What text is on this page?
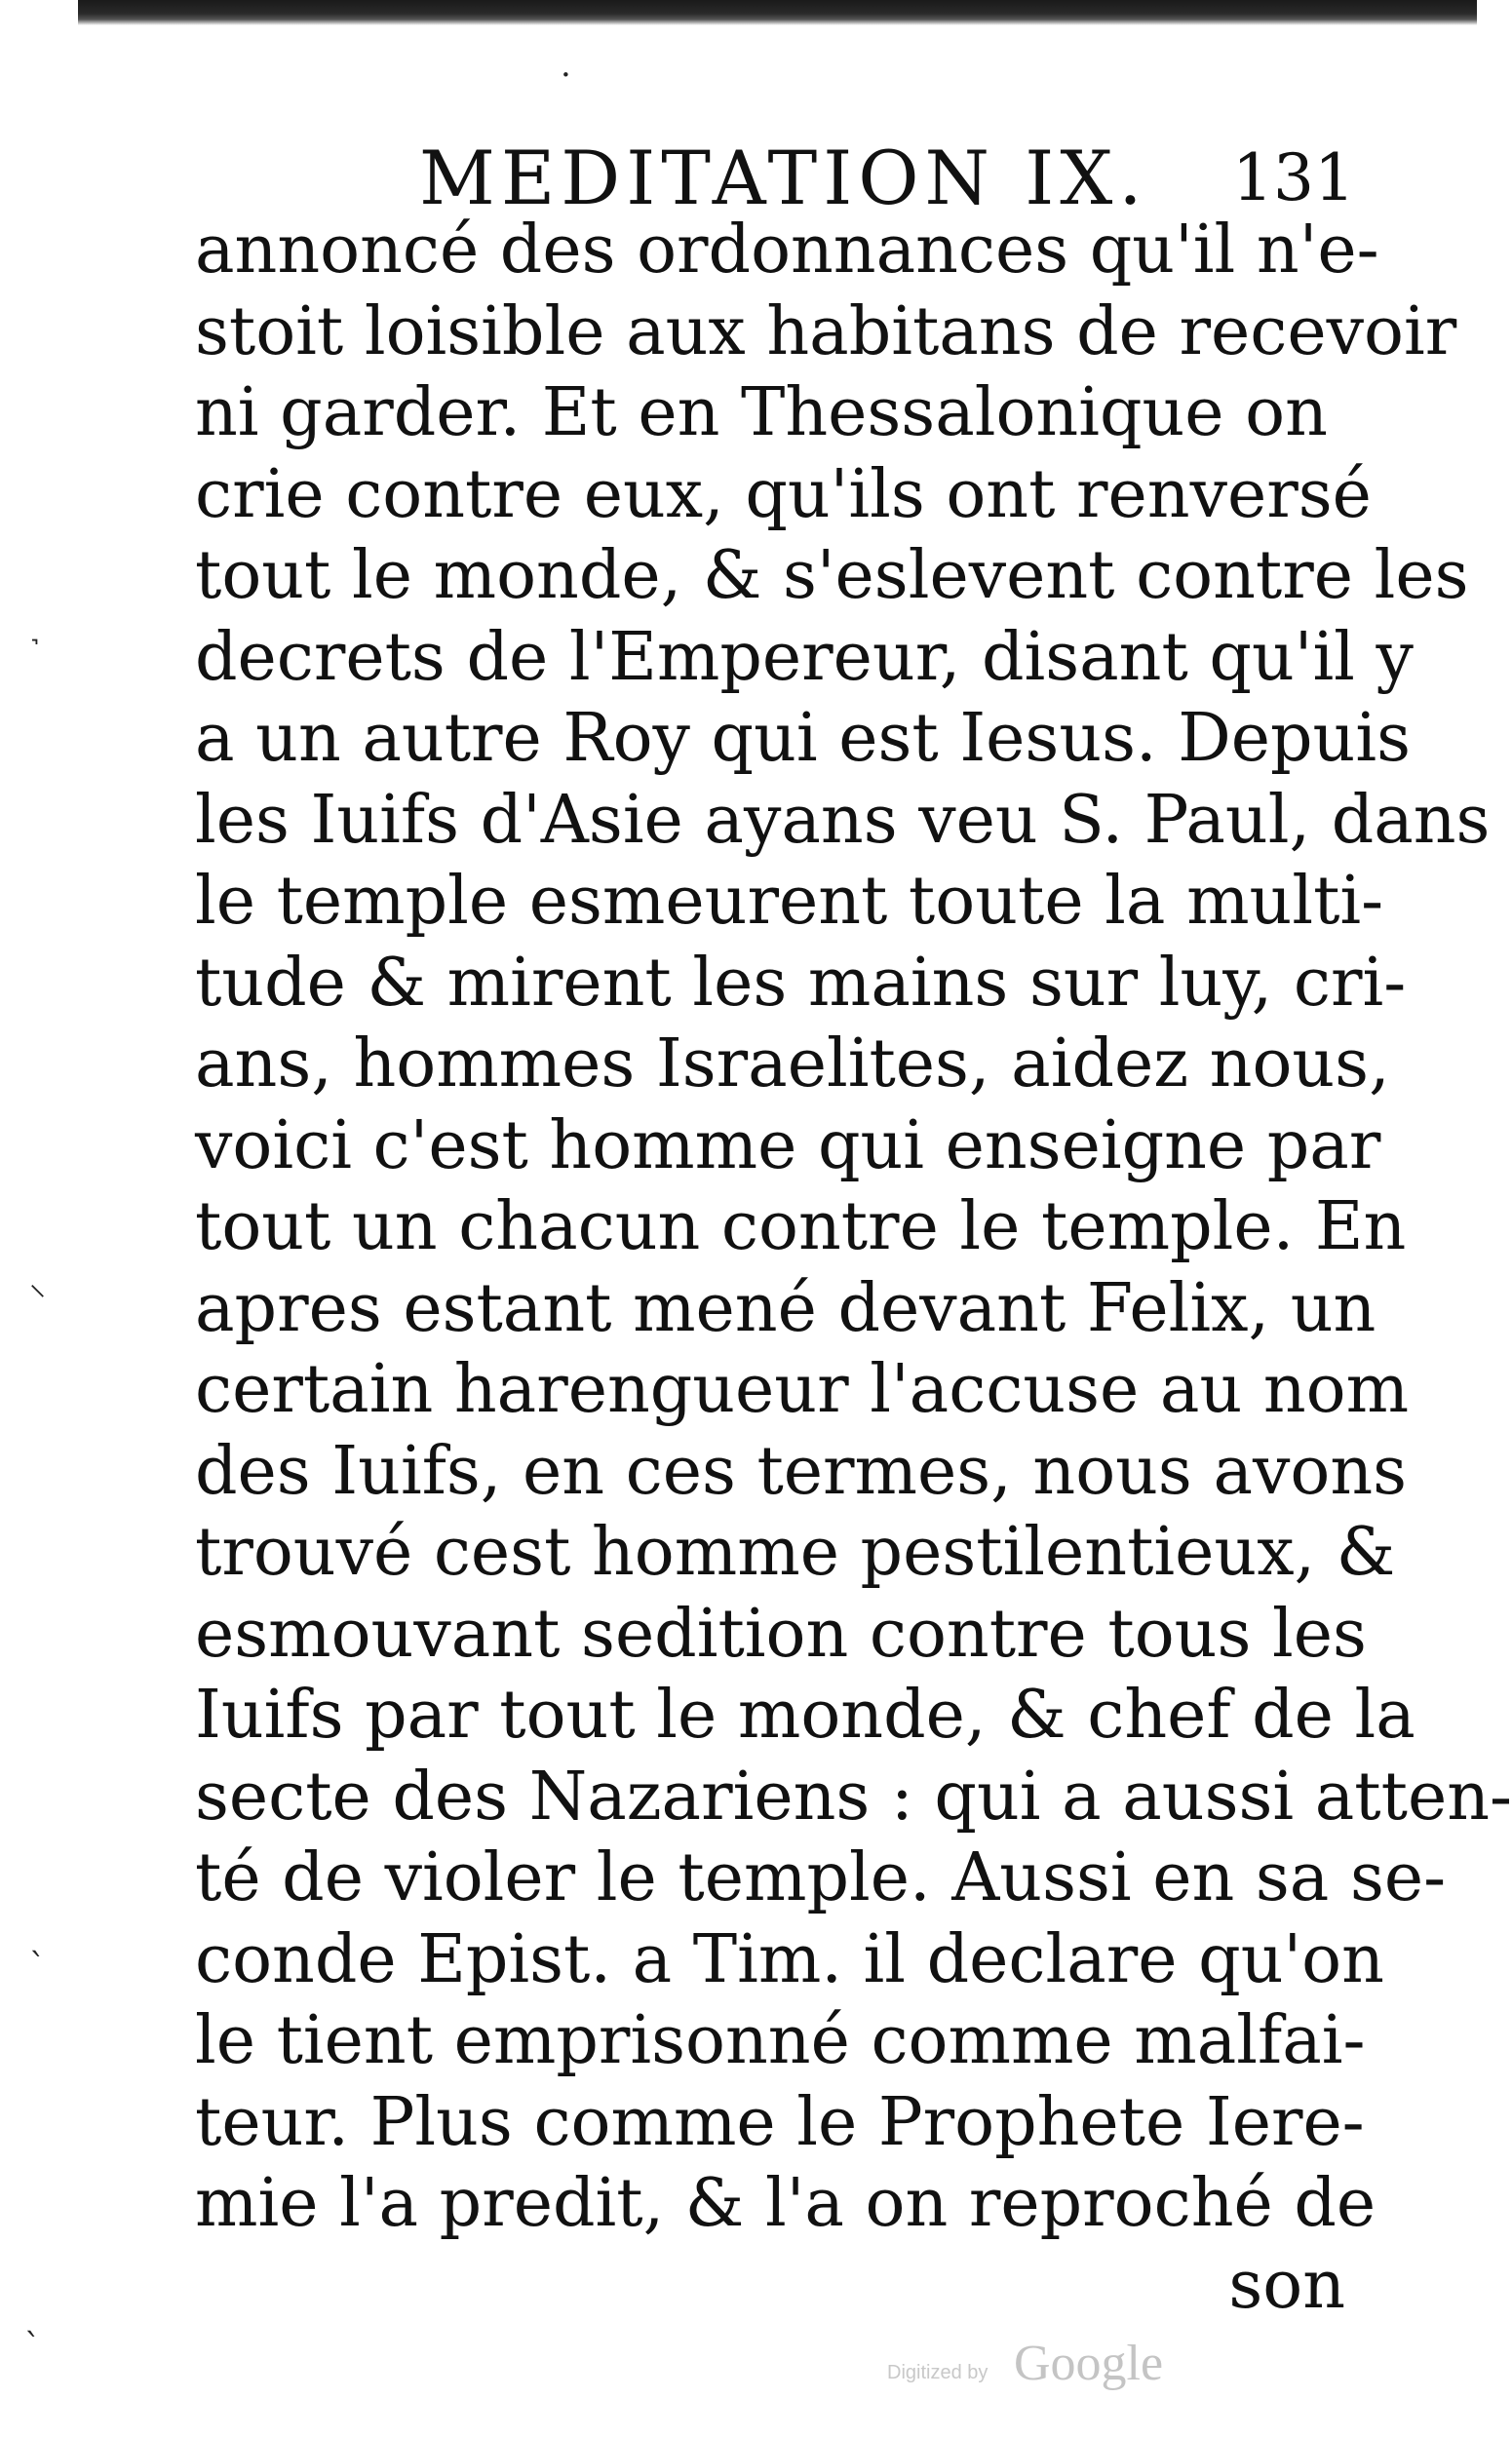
MEDITATION IX. 131
annoncé des ordonnances qu'il n'e-
stoit loisible aux habitans de recevoir
ni garder. Et en Thessalonique on
crie contre eux, qu'ils ont renversé
tout le monde, & s'eslevent contre les
decrets de l'Empereur, disant qu'il y
a un autre Roy qui est Iesus. Depuis
les Iuifs d'Asie ayans veu S. Paul, dans
le temple esmeurent toute la multi-
tude & mirent les mains sur luy, cri-
ans, hommes Israelites, aidez nous,
voici c'est homme qui enseigne par
tout un chacun contre le temple. En
apres estant mené devant Felix, un
certain harengueur l'accuse au nom
des Iuifs, en ces termes, nous avons
trouvé cest homme pestilentieux, &
esmouvant sedition contre tous les
Iuifs par tout le monde, & chef de la
secte des Nazariens : qui a aussi atten-
té de violer le temple. Aussi en sa se-
conde Epist. a Tim. il declare qu'on
le tient emprisonné comme malfai-
teur. Plus comme le Prophete Iere-
mie l'a predit, & l'a on reproché de
son
˺
⸜
ˋ
ˋ
·
Digitized by Google
